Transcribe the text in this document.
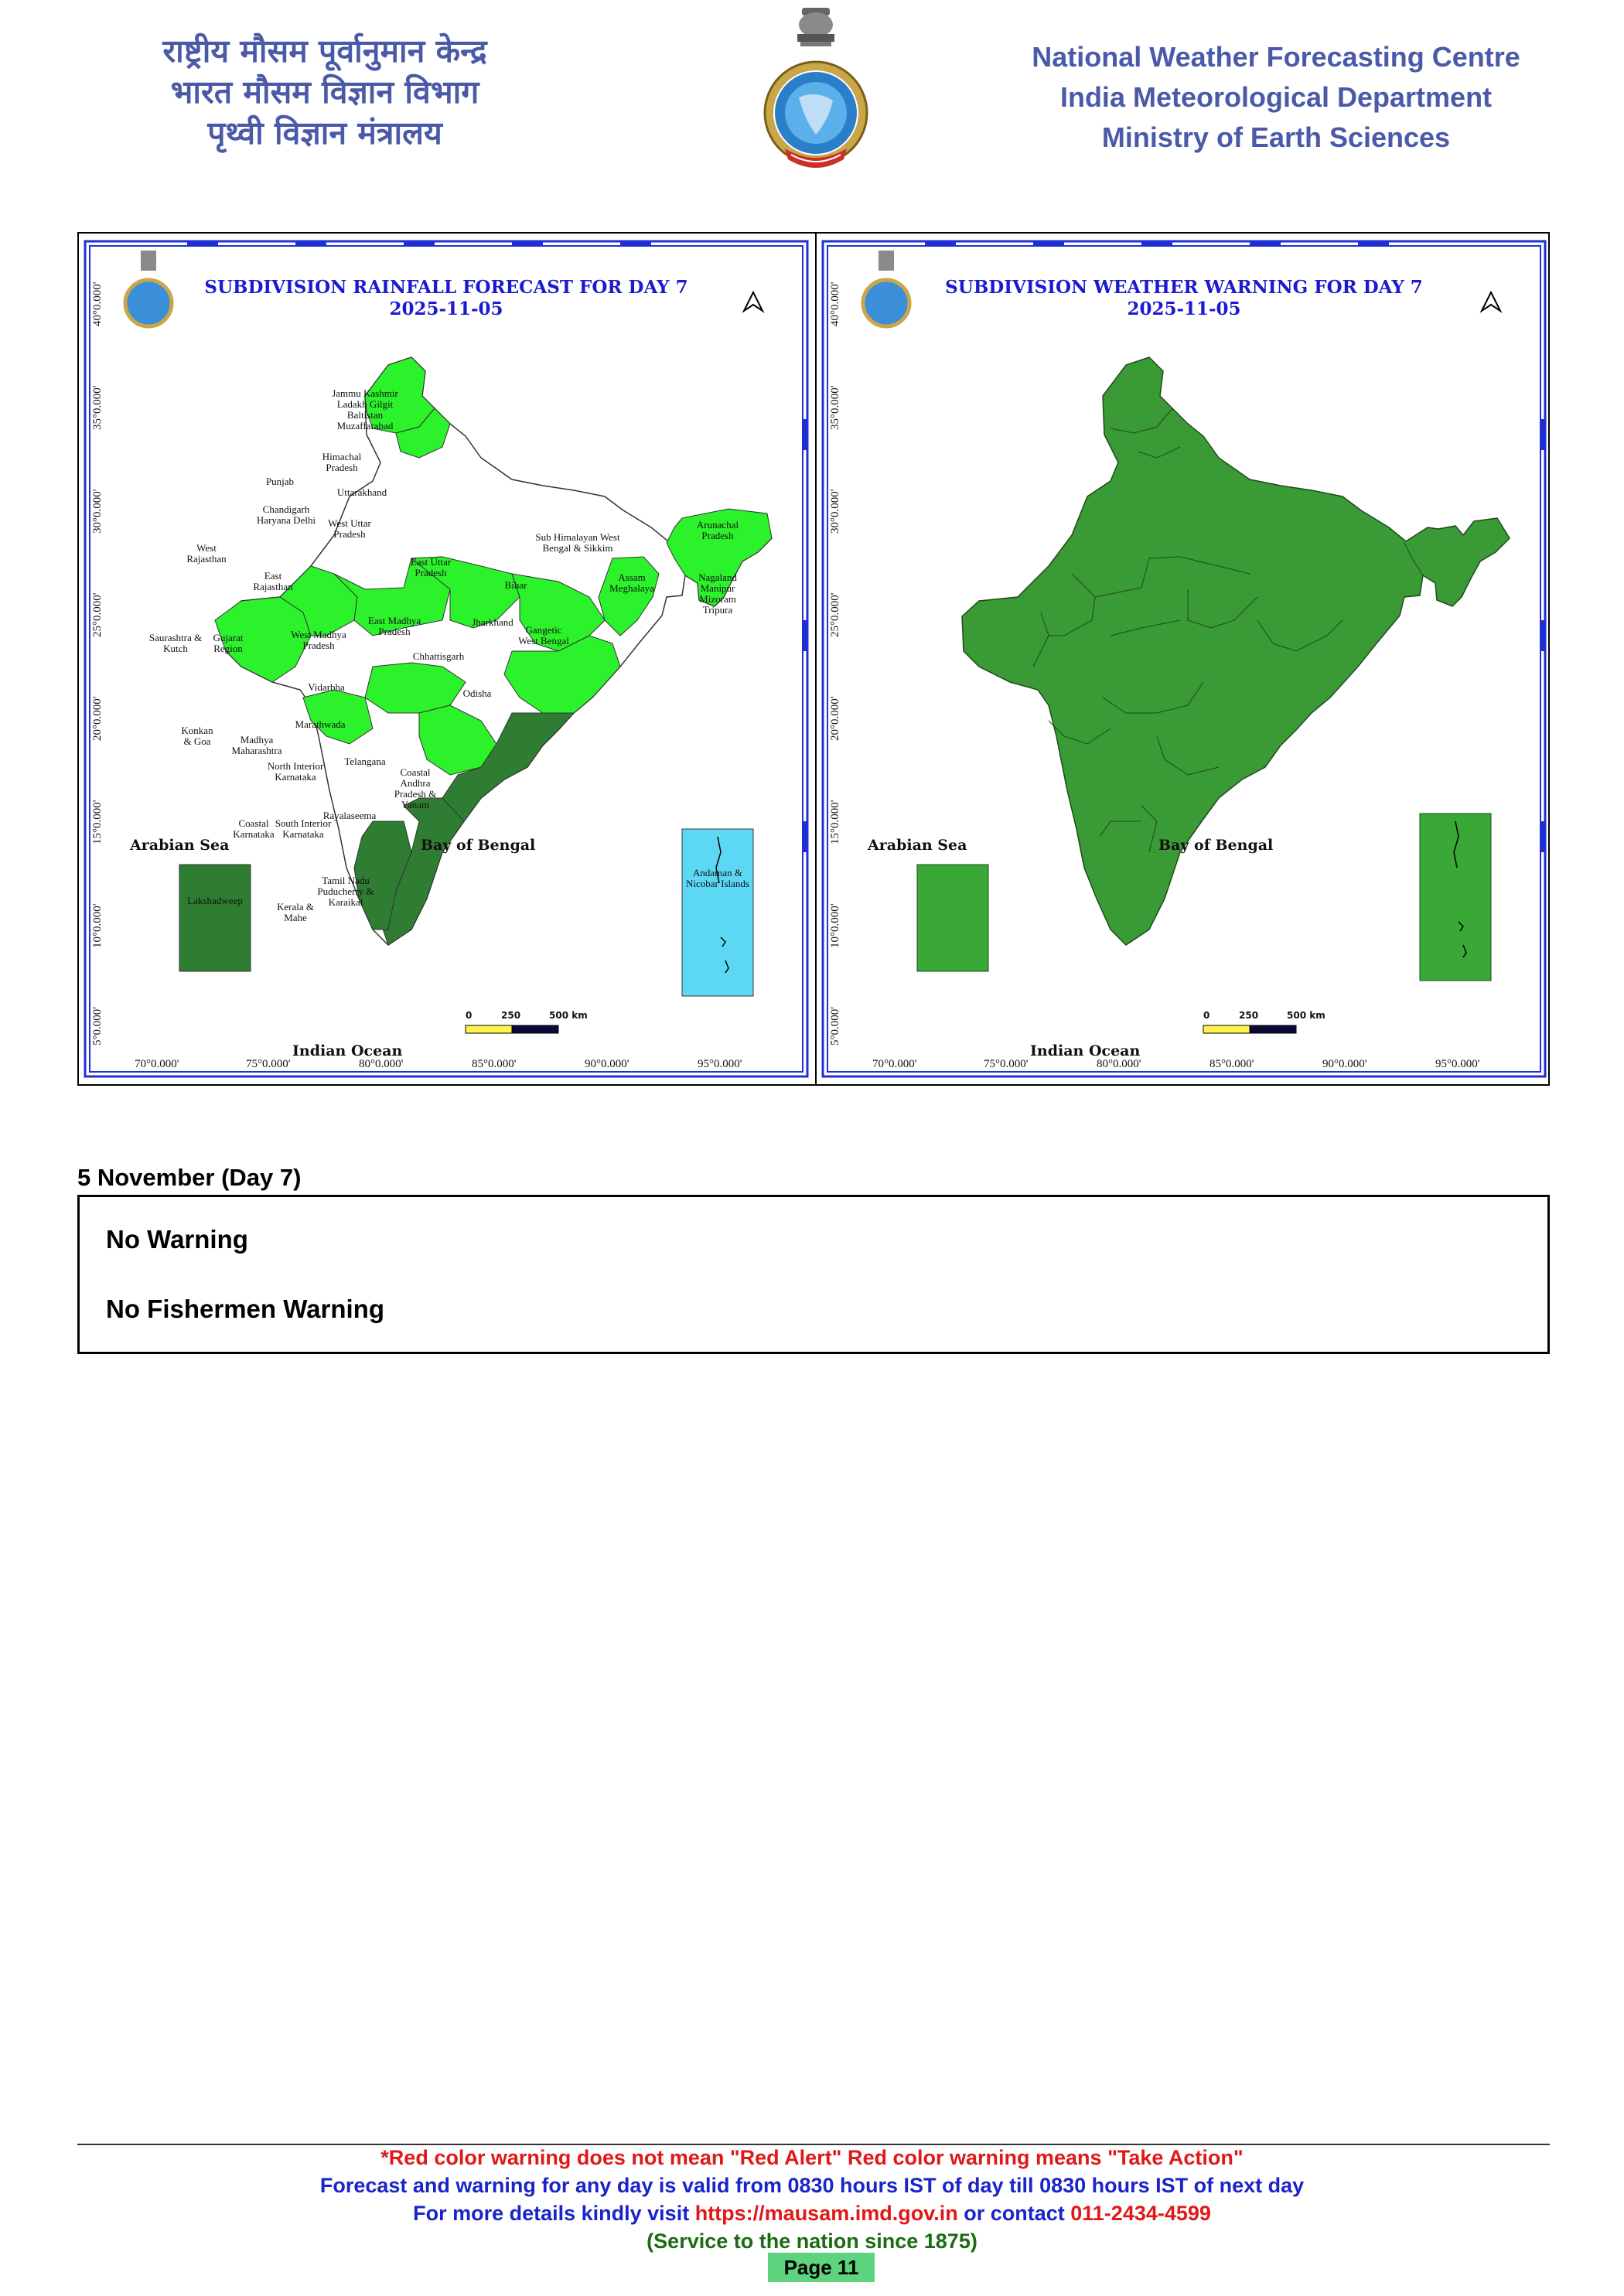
राष्ट्रीय मौसम पूर्वानुमान केन्द्र
भारत मौसम विज्ञान विभाग
पृथ्वी विज्ञान मंत्रालय
National Weather Forecasting Centre
India Meteorological Department
Ministry of Earth Sciences
SUBDIVISION RAINFALL FORECAST FOR DAY 7
2025-11-05
Jammu Kashmir Ladakh Gilgit Baltistan Muzaffarabad
Himachal Pradesh
Punjab
Uttarakhand
Chandigarh Haryana Delhi West Uttar Pradesh
West Rajasthan
East Rajasthan
East Uttar Pradesh
Sub Himalayan West Bengal & Sikkim
Arunachal Pradesh
Assam Meghalaya
Nagaland Manipur Mizoram Tripura
Bihar
Jharkhand
Gangetic West Bengal
Saurashtra & Kutch
Gujarat Region
West Madhya Pradesh
East Madhya Pradesh
Chhattisgarh
Odisha
Vidarbha
Marathwada
Konkan & Goa	Madhya Maharashtra
Telangana
North Interior Karnataka	Coastal Andhra Pradesh & Yanam
Rayalaseema
Coastal Karnataka
South Interior Karnataka
Tamil Nadu Puducherry & Karaikal
Kerala & Mahe
Lakshadweep
Andaman & Nicobar Islands
Arabian Sea	Bay of Bengal
Indian Ocean
0	250	500 km
70°0.000'	75°0.000'	80°0.000'	85°0.000'	90°0.000'	95°0.000'
40°0.000'
35°0.000'
30°0.000'
25°0.000'
20°0.000'
15°0.000'
10°0.000'
5°0.000'
SUBDIVISION WEATHER WARNING FOR DAY 7
2025-11-05
Arabian Sea	Bay of Bengal
Indian Ocean
0	250	500 km
70°0.000'	75°0.000'	80°0.000'	85°0.000'	90°0.000'	95°0.000'
40°0.000'
35°0.000'
30°0.000'
25°0.000'
20°0.000'
15°0.000'
10°0.000'
5°0.000'
5 November (Day 7)
No Warning
No Fishermen Warning
*Red color warning does not mean "Red Alert" Red color warning means "Take Action"
Forecast and warning for any day is valid from 0830 hours IST of day till 0830 hours IST of next day
For more details kindly visit https://mausam.imd.gov.in or contact 011-2434-4599
(Service to the nation since 1875)
Page 11
